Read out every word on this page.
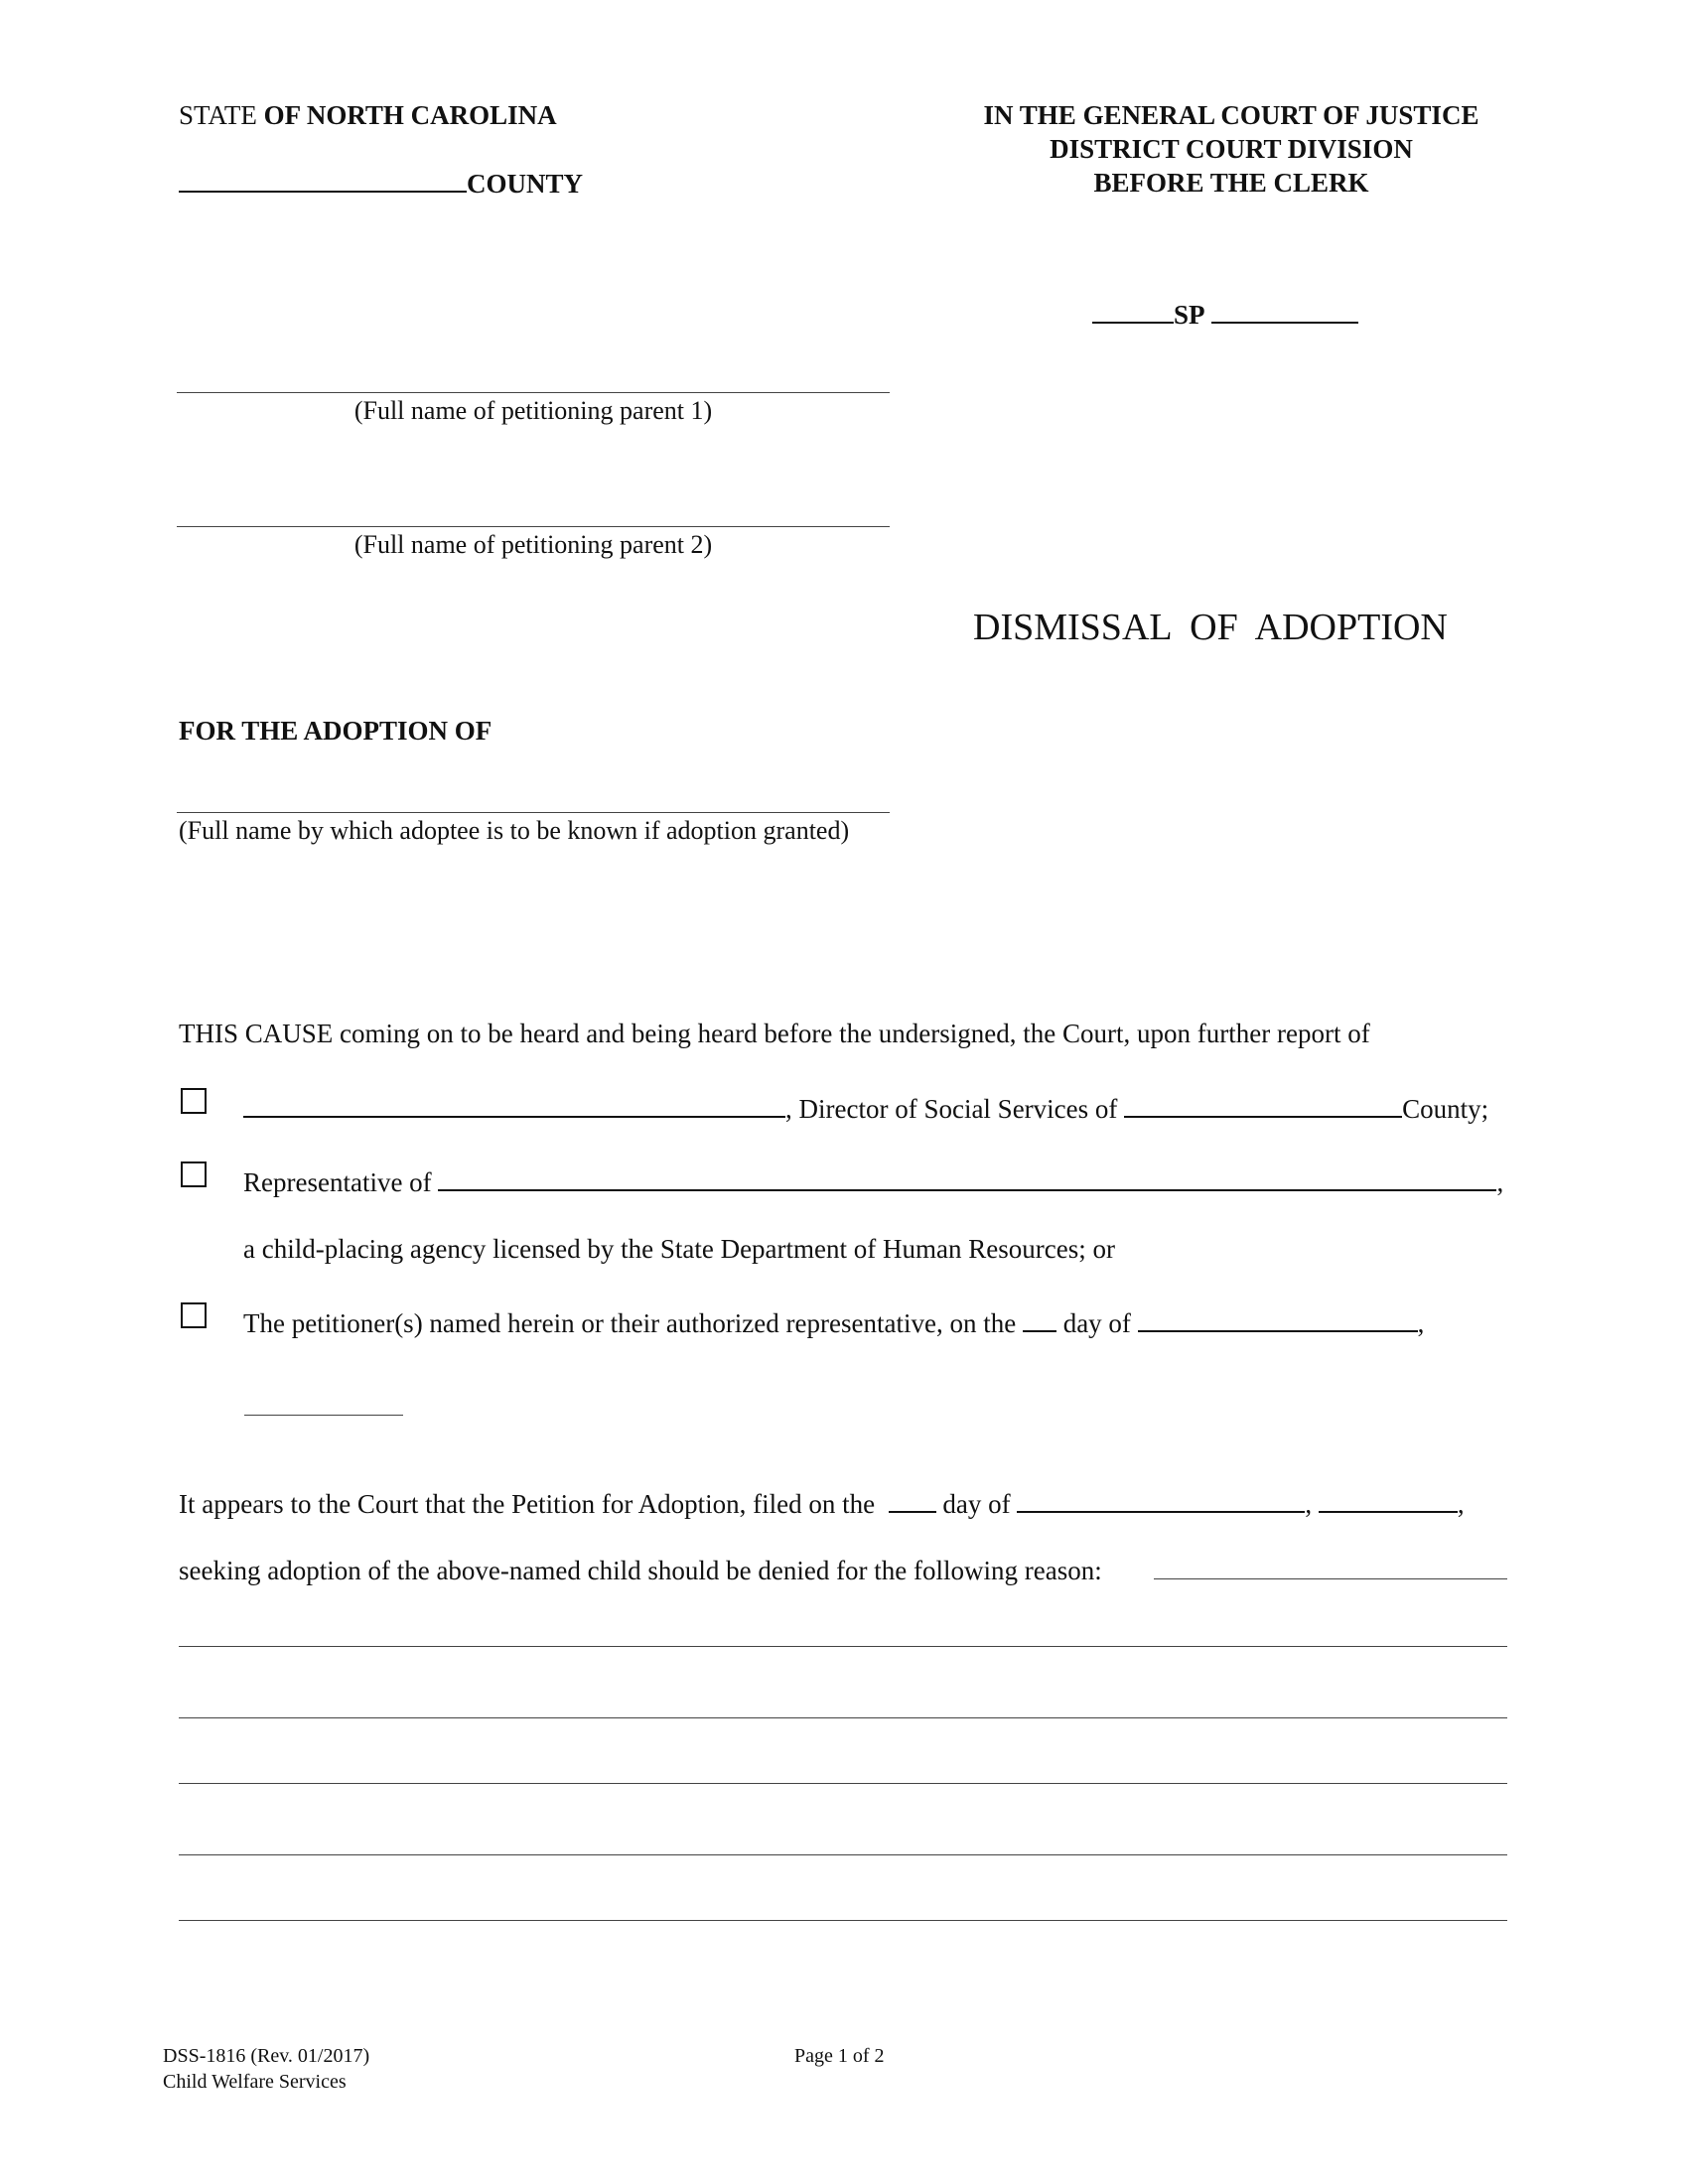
STATE OF NORTH CAROLINA
COUNTY
IN THE GENERAL COURT OF JUSTICE
DISTRICT COURT DIVISION
BEFORE THE CLERK
SP
(Full name of petitioning parent 1)
(Full name of petitioning parent 2)
DISMISSAL  OF  ADOPTION
FOR THE ADOPTION OF
(Full name by which adoptee is to be known if adoption granted)
THIS CAUSE coming on to be heard and being heard before the undersigned, the Court, upon further report of
, Director of Social Services of	County;
Representative of	,
a child-placing agency licensed by the State Department of Human Resources; or
The petitioner(s) named herein or their authorized representative, on the day of	,
It appears to the Court that the Petition for Adoption, filed on the	day of	,	,
seeking adoption of the above-named child should be denied for the following reason:
DSS-1816 (Rev. 01/2017)
Child Welfare Services
Page 1 of 2
